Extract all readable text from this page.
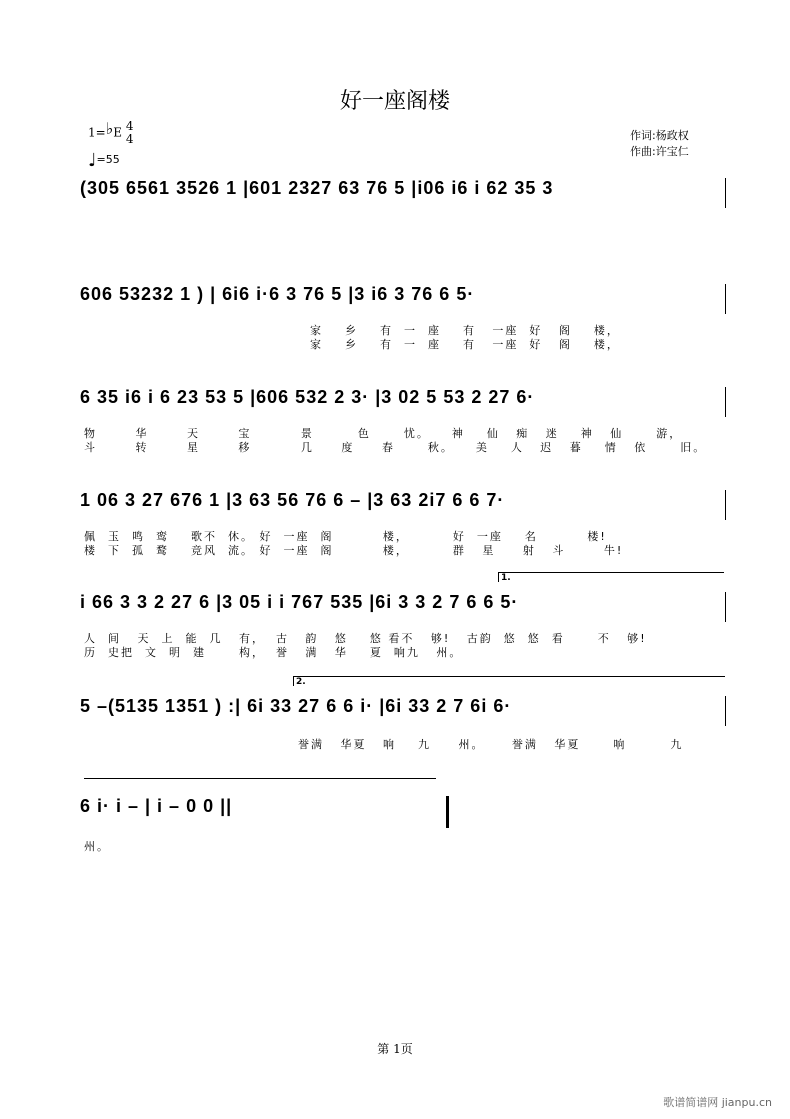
好一座阁楼
1=♭E 4
4
♩=55
作词:杨政权
作曲:许宝仁
(305 6561 3526 1 |601 2327 63 76 5 |i06 i6 i 62 35 3
606 53232 1 ) | 6i6 i·6 3 76 5 |3 i6 3 76 6 5·
家    乡    有  一  座    有   一座  好   阁    楼，
家    乡    有  一  座    有   一座  好   阁    楼，
6 35 i6 i 6 23 53 5 |606 532 2 3· |3 02 5 53 2 27 6·
物       华       天       宝         景        色      忧。    神    仙   痴   迷    神   仙      游，
斗       转       星       移         几     度     春      秋。    美    人   迟   暮    情   依      旧。
1 06 3 27 676 1 |3 63 56 76 6 – |3 63 2i7 6 6 7·
佩  玉  鸣  鸾    歌不  休。 好  一座  阁         楼，        好  一座    名         楼!
楼  下  孤  鹜    竞风  流。 好  一座  阁         楼，        群   星     射   斗       牛!
1.
i 66 3 3 2 27 6 |3 05 i i 767 535 |6i 3 3 2 7 6 6 5·
人  间   天  上  能  几   有，  古   韵   悠    悠 看不   够!   古韵  悠  悠  看      不   够!
历  史把  文  明  建      构，  誉   满   华    夏  响九   州。
2.
5 –(5135 1351 ) :| 6i 33 27 6 6 i· |6i 33 2 7 6i 6·
誉满   华夏   响    九     州。     誉满   华夏      响        九
6 i· i – | i – 0 0 ||
州。
第 1页
歌谱简谱网 jianpu.cn
